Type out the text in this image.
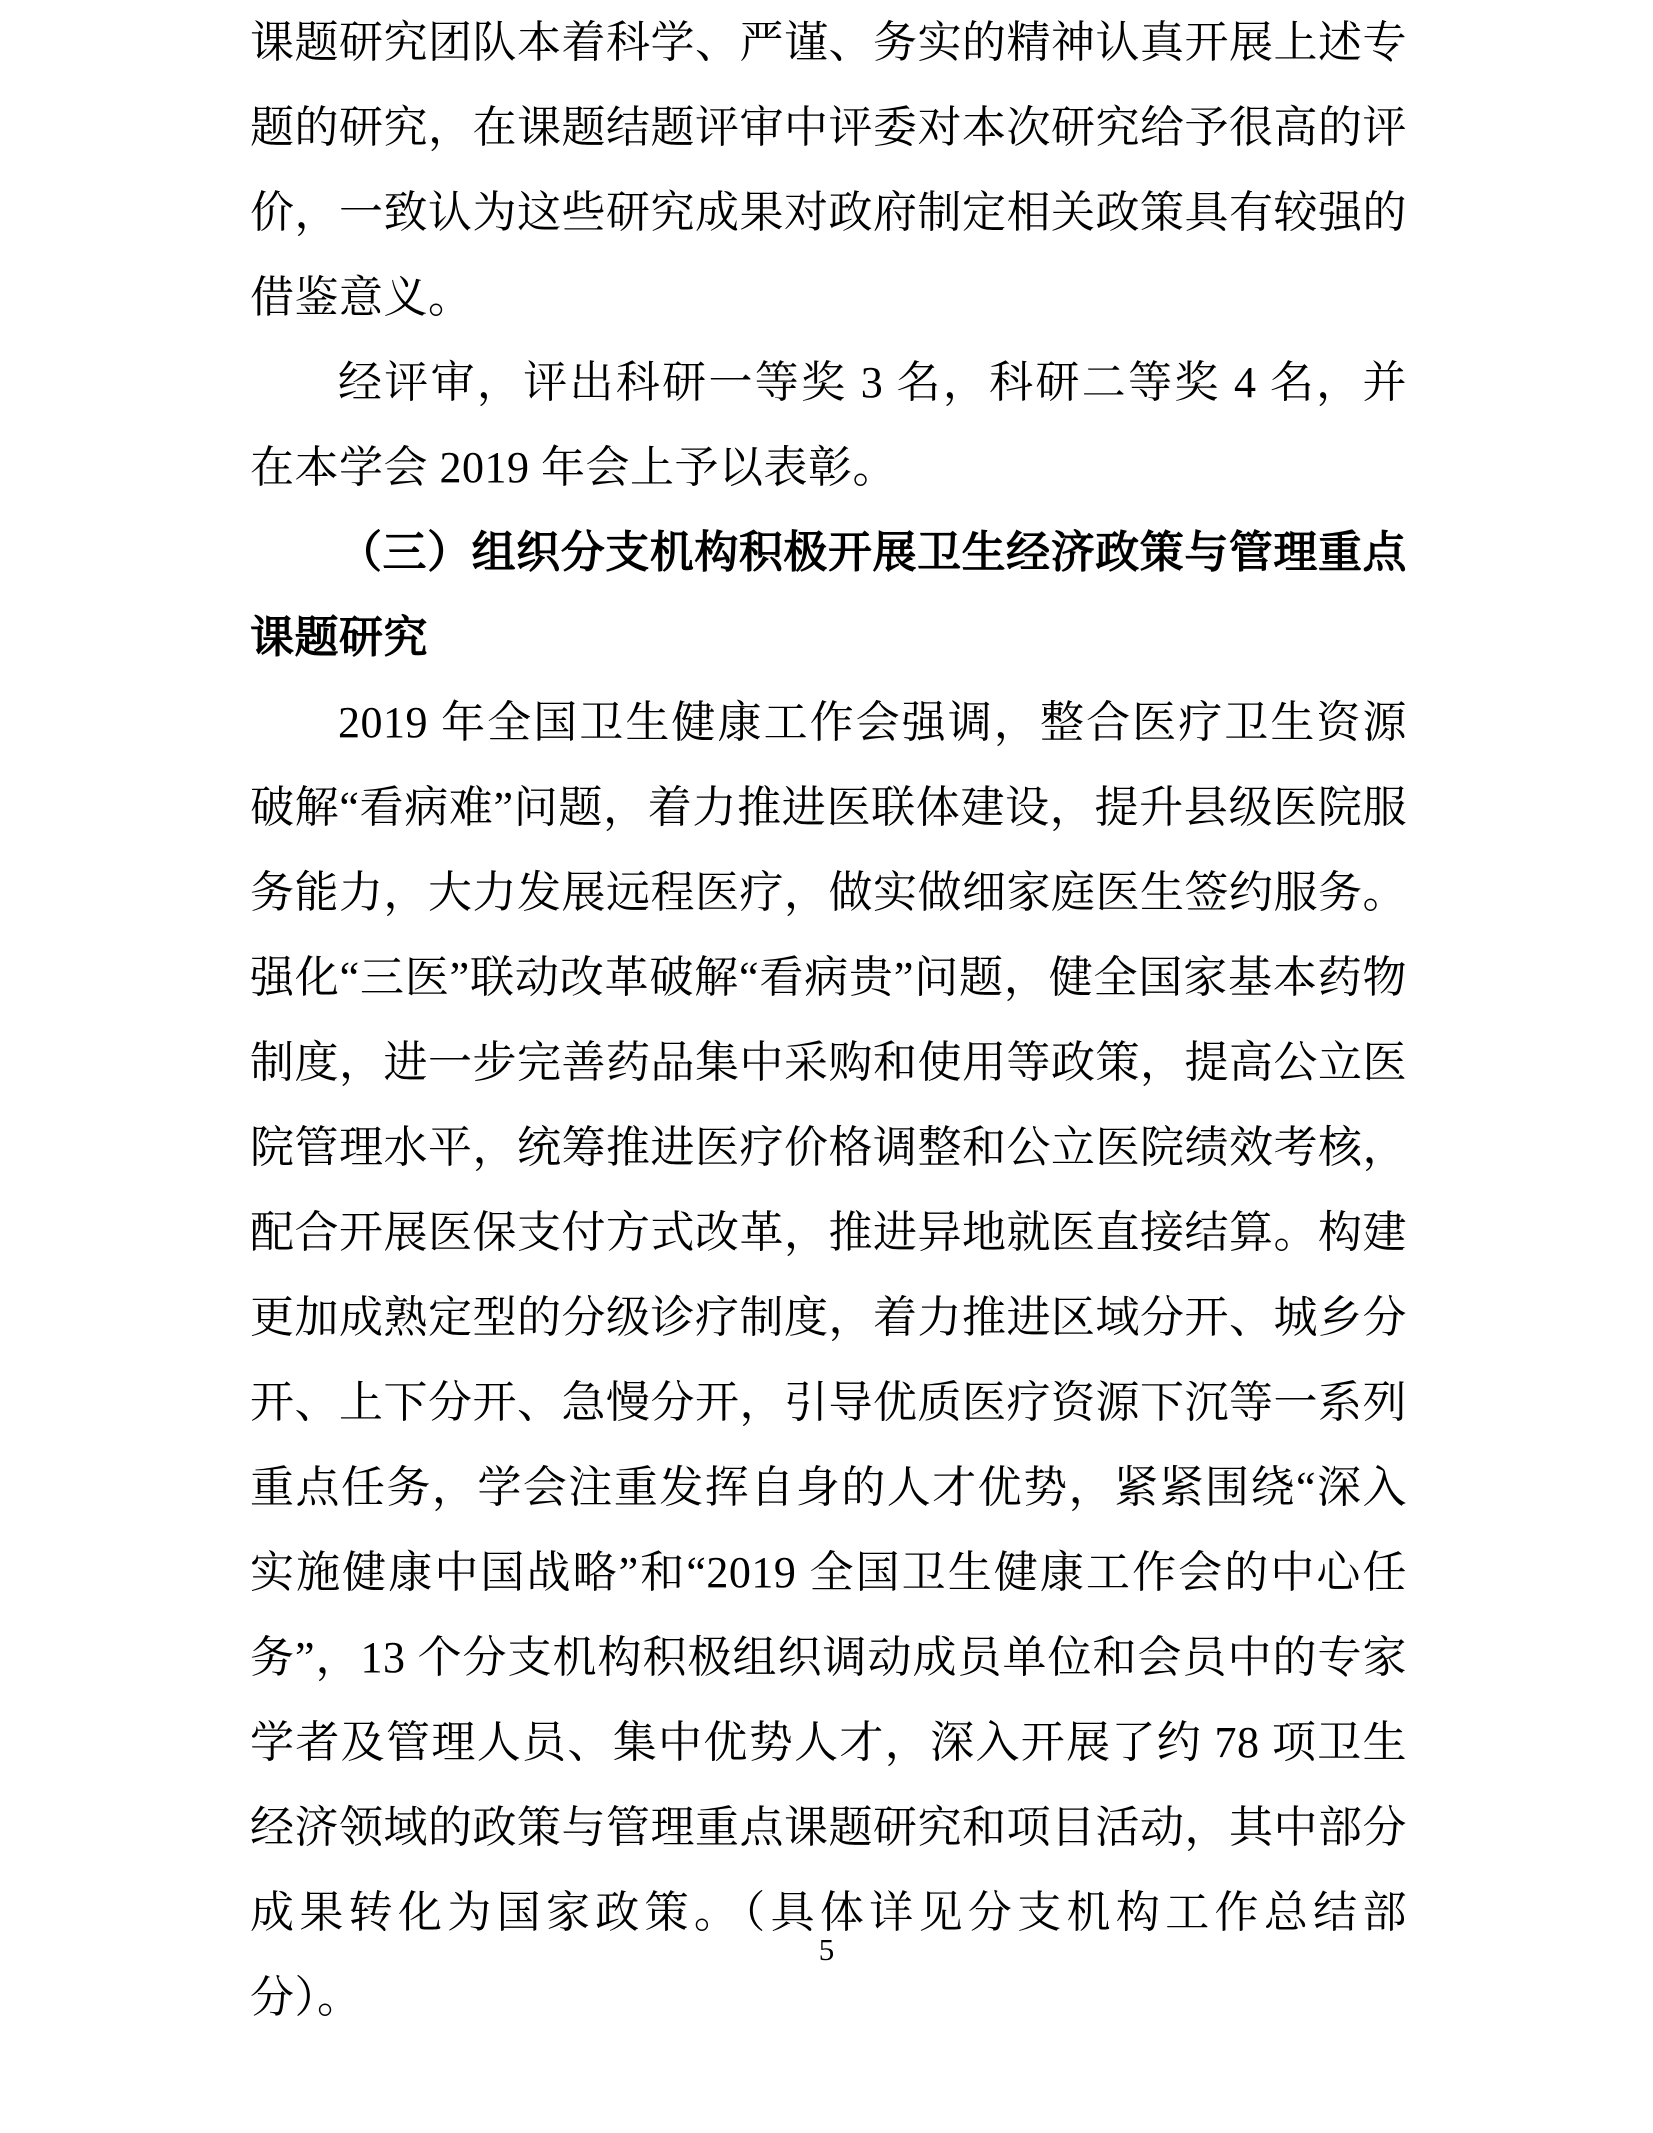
课题研究团队本着科学、严谨、务实的精神认真开展上述专题的研究，在课题结题评审中评委对本次研究给予很高的评价，一致认为这些研究成果对政府制定相关政策具有较强的借鉴意义。

经评审，评出科研一等奖 3 名，科研二等奖 4 名，并在本学会 2019 年会上予以表彰。

（三）组织分支机构积极开展卫生经济政策与管理重点课题研究

2019 年全国卫生健康工作会强调，整合医疗卫生资源破解“看病难”问题，着力推进医联体建设，提升县级医院服务能力，大力发展远程医疗，做实做细家庭医生签约服务。强化“三医”联动改革破解“看病贵”问题，健全国家基本药物制度，进一步完善药品集中采购和使用等政策，提高公立医院管理水平，统筹推进医疗价格调整和公立医院绩效考核，配合开展医保支付方式改革，推进异地就医直接结算。构建更加成熟定型的分级诊疗制度，着力推进区域分开、城乡分开、上下分开、急慢分开，引导优质医疗资源下沉等一系列重点任务，学会注重发挥自身的人才优势，紧紧围绕“深入实施健康中国战略”和“2019 全国卫生健康工作会的中心任务”，13 个分支机构积极组织调动成员单位和会员中的专家学者及管理人员、集中优势人才，深入开展了约 78 项卫生经济领域的政策与管理重点课题研究和项目活动，其中部分成果转化为国家政策。（具体详见分支机构工作总结部分）。

5
